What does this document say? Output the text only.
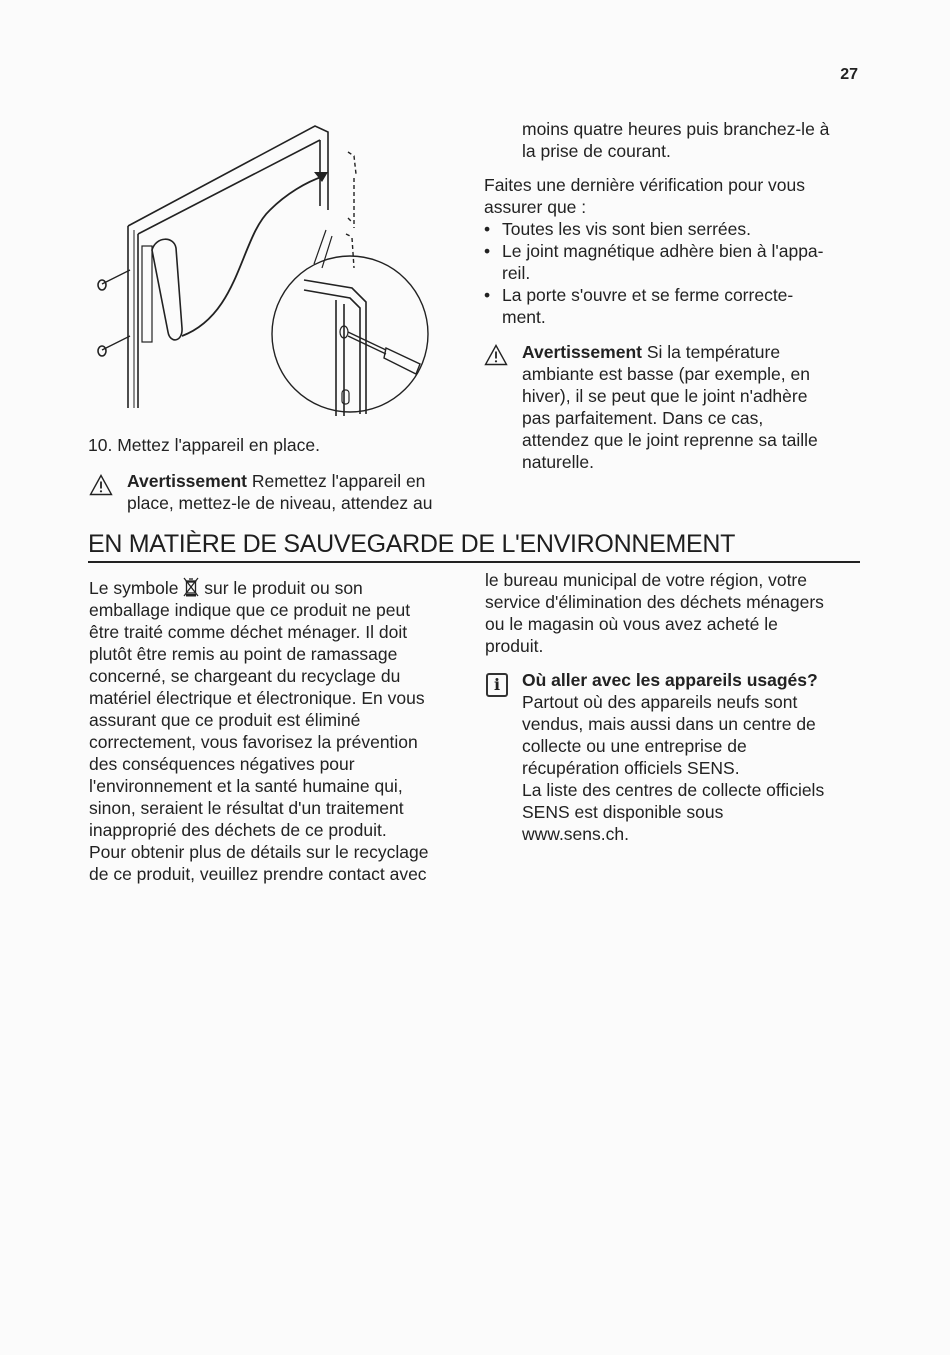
27

10. Mettez l'appareil en place.

Avertissement Remettez l'appareil en

place, mettez-le de niveau, attendez au

moins quatre heures puis branchez-le à

la prise de courant.

Faites une dernière vérification pour vous

assurer que :

• Toutes les vis sont bien serrées.

• Le joint magnétique adhère bien à l'appa-

reil.

• La porte s'ouvre et se ferme correcte-

ment.

Avertissement Si la température

ambiante est basse (par exemple, en

hiver), il se peut que le joint n'adhère

pas parfaitement. Dans ce cas,

attendez que le joint reprenne sa taille

naturelle.

EN MATIÈRE DE SAUVEGARDE DE L'ENVIRONNEMENT

Le symbole  sur le produit ou son

emballage indique que ce produit ne peut

être traité comme déchet ménager. Il doit

plutôt être remis au point de ramassage

concerné, se chargeant du recyclage du

matériel électrique et électronique. En vous

assurant que ce produit est éliminé

correctement, vous favorisez la prévention

des conséquences négatives pour

l'environnement et la santé humaine qui,

sinon, seraient le résultat d'un traitement

inapproprié des déchets de ce produit.

Pour obtenir plus de détails sur le recyclage

de ce produit, veuillez prendre contact avec

le bureau municipal de votre région, votre

service d'élimination des déchets ménagers

ou le magasin où vous avez acheté le

produit.

i	Où aller avec les appareils usagés?

Partout où des appareils neufs sont

vendus, mais aussi dans un centre de

collecte ou une entreprise de

récupération officiels SENS.

La liste des centres de collecte officiels

SENS est disponible sous

www.sens.ch.
